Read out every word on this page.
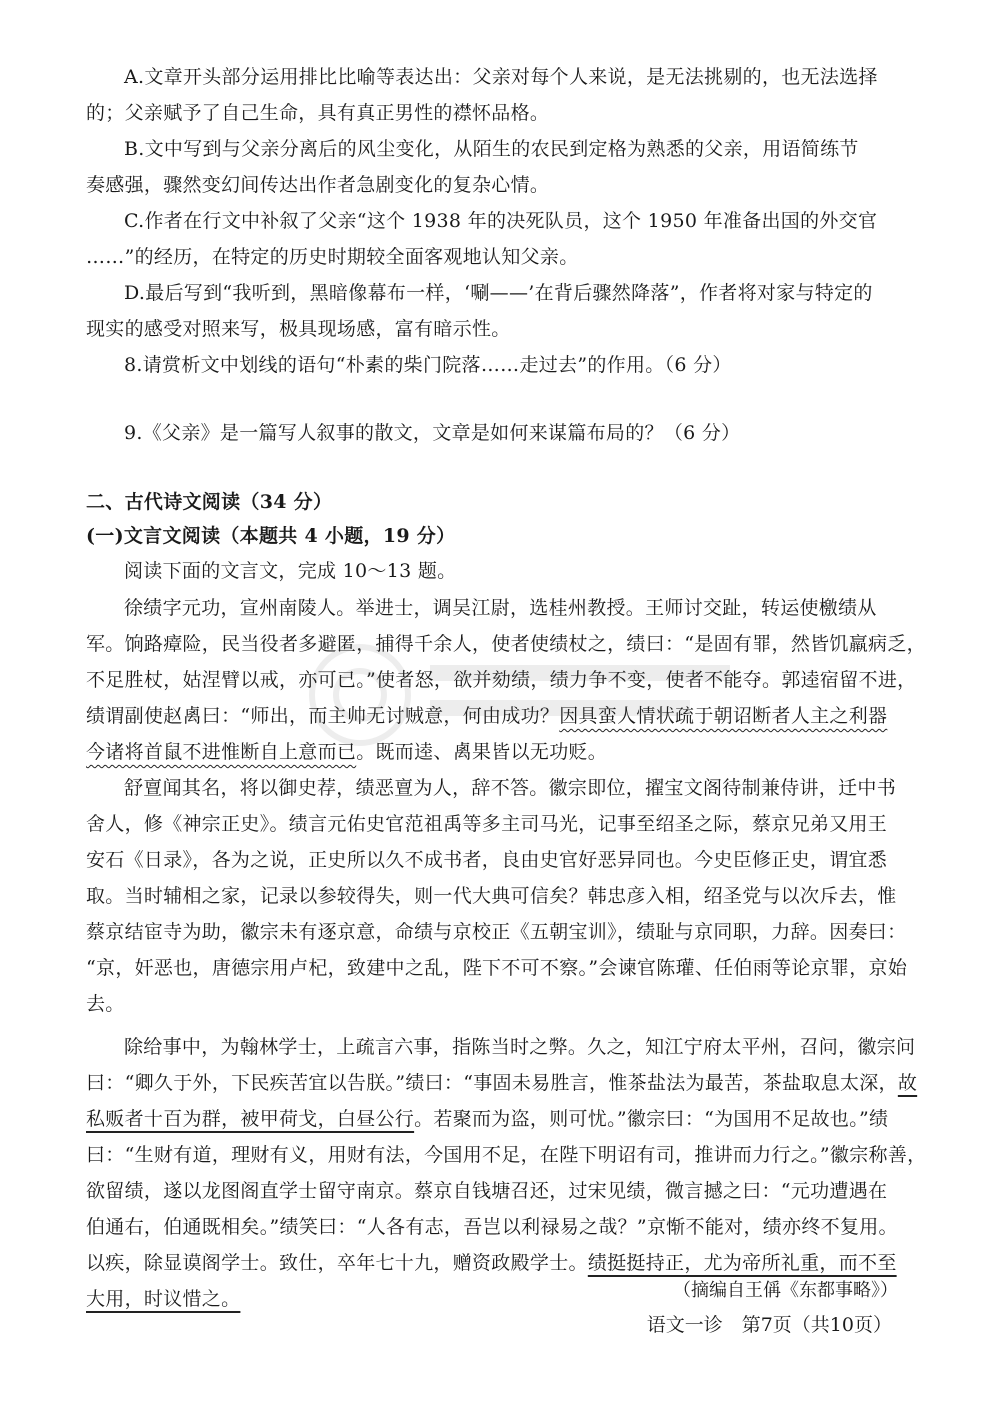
A.文章开头部分运用排比比喻等表达出：父亲对每个人来说，是无法挑剔的，也无法选择
的；父亲赋予了自己生命，具有真正男性的襟怀品格。
B.文中写到与父亲分离后的风尘变化，从陌生的农民到定格为熟悉的父亲，用语简练节
奏感强，骤然变幻间传达出作者急剧变化的复杂心情。
C.作者在行文中补叙了父亲“这个 1938 年的决死队员，这个 1950 年准备出国的外交官
……”的经历，在特定的历史时期较全面客观地认知父亲。
D.最后写到“我听到，黑暗像幕布一样，‘唰——’在背后骤然降落”，作者将对家与特定的
现实的感受对照来写，极具现场感，富有暗示性。
8.请赏析文中划线的语句“朴素的柴门院落……走过去”的作用。（6 分）
9.《父亲》是一篇写人叙事的散文，文章是如何来谋篇布局的？（6 分）
二、古代诗文阅读（34 分）
(一)文言文阅读（本题共 4 小题，19 分）
阅读下面的文言文，完成 10～13 题。
徐绩字元功，宣州南陵人。举进士，调吴江尉，选桂州教授。王师讨交趾，转运使檄绩从
军。饷路瘴险，民当役者多避匿，捕得千余人，使者使绩杖之，绩曰：“是固有罪，然皆饥羸病乏，
不足胜杖，姑涅臂以戒，亦可已。”使者怒，欲并劾绩，绩力争不变，使者不能夺。郭逵宿留不进，
绩谓副使赵禼曰：“师出，而主帅无讨贼意，何由成功？因具蛮人情状疏于朝诏断者人主之利器
今诸将首鼠不进惟断自上意而已。既而逵、禼果皆以无功贬。
舒亶闻其名，将以御史荐，绩恶亶为人，辞不答。徽宗即位，擢宝文阁待制兼侍讲，迁中书
舍人，修《神宗正史》。绩言元佑史官范祖禹等多主司马光，记事至绍圣之际，蔡京兄弟又用王
安石《日录》，各为之说，正史所以久不成书者，良由史官好恶异同也。今史臣修正史，谓宜悉
取。当时辅相之家，记录以参较得失，则一代大典可信矣？韩忠彦入相，绍圣党与以次斥去，惟
蔡京结宦寺为助，徽宗未有逐京意，命绩与京校正《五朝宝训》，绩耻与京同职，力辞。因奏曰：
“京，奸恶也，唐德宗用卢杞，致建中之乱，陛下不可不察。”会谏官陈瓘、任伯雨等论京罪，京始
去。
除给事中，为翰林学士，上疏言六事，指陈当时之弊。久之，知江宁府太平州，召问，徽宗问
曰：“卿久于外，下民疾苦宜以告朕。”绩曰：“事固未易胜言，惟茶盐法为最苦，茶盐取息太深，故
私贩者十百为群，被甲荷戈，白昼公行。若聚而为盗，则可忧。”徽宗曰：“为国用不足故也。”绩
曰：“生财有道，理财有义，用财有法，今国用不足，在陛下明诏有司，推讲而力行之。”徽宗称善，
欲留绩，遂以龙图阁直学士留守南京。蔡京自钱塘召还，过宋见绩，微言撼之曰：“元功遭遇在
伯通右，伯通既相矣。”绩笑曰：“人各有志，吾岂以利禄易之哉？”京惭不能对，绩亦终不复用。
以疾，除显谟阁学士。致仕，卒年七十九，赠资政殿学士。绩挺挺持正，尤为帝所礼重，而不至
大用，时议惜之。	（摘编自王偁《东都事略》）
语文一诊　第7页（共10页）
